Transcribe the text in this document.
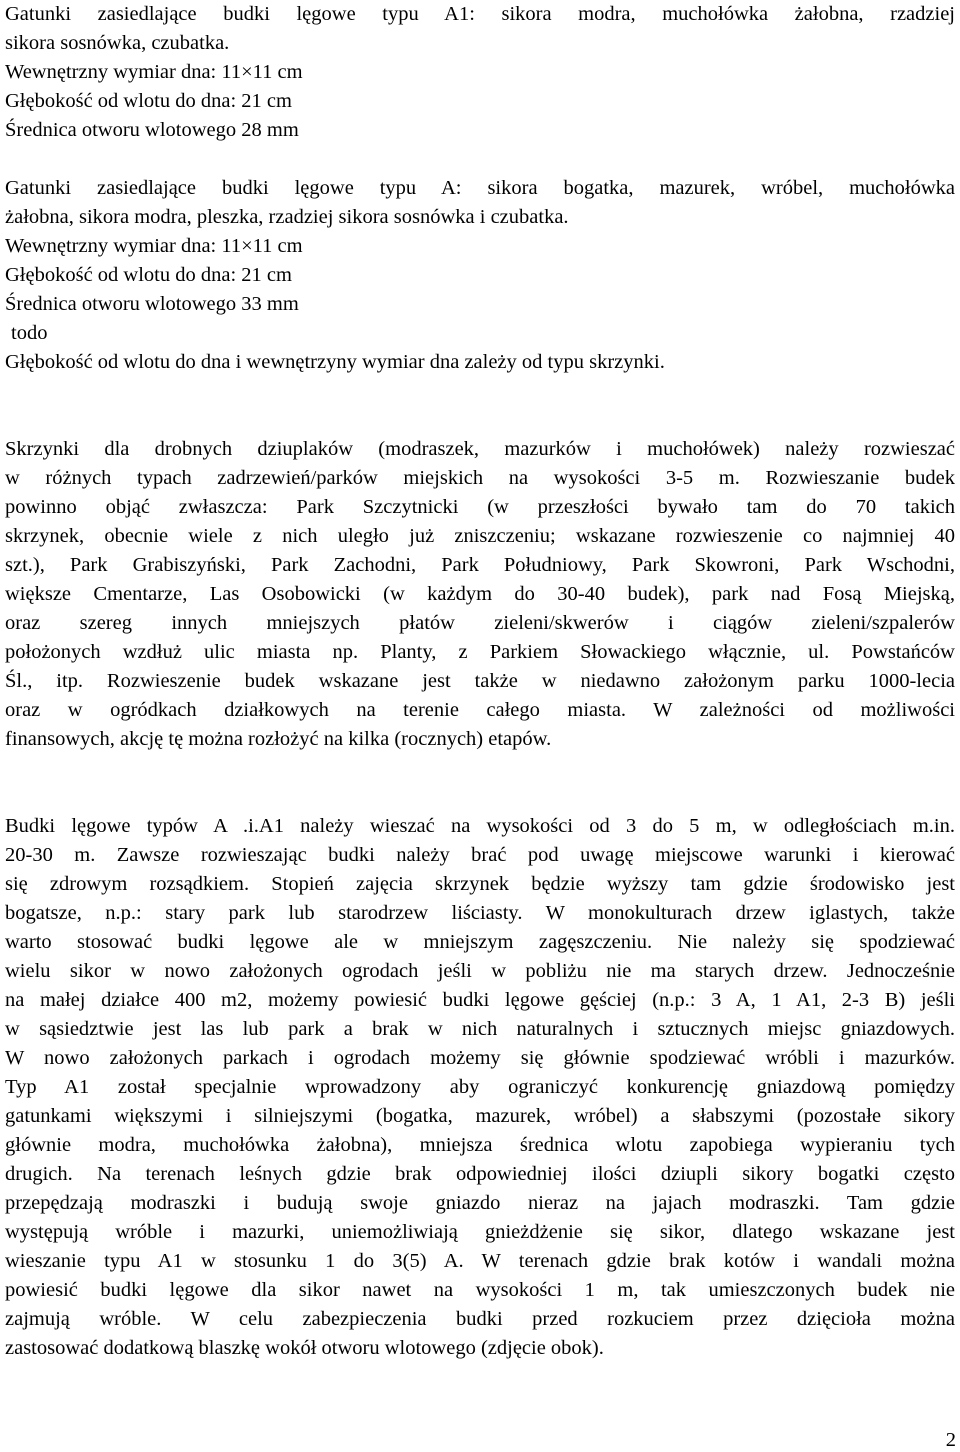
Gatunki zasiedlające budki lęgowe typu A1: sikora modra, muchołówka żałobna, rzadziej
sikora sosnówka, czubatka.
Wewnętrzny wymiar dna: 11×11 cm
Głębokość od wlotu do dna: 21 cm
Średnica otworu wlotowego 28 mm
Gatunki zasiedlające budki lęgowe typu A: sikora bogatka, mazurek, wróbel, muchołówka
żałobna, sikora modra, pleszka, rzadziej sikora sosnówka i czubatka.
Wewnętrzny wymiar dna: 11×11 cm
Głębokość od wlotu do dna: 21 cm
Średnica otworu wlotowego 33 mm
todo
Głębokość od wlotu do dna i wewnętrzyny wymiar dna zależy od typu skrzynki.
Skrzynki dla drobnych dziuplaków (modraszek, mazurków i muchołówek) należy rozwieszać
w różnych typach zadrzewień/parków miejskich na wysokości 3-5 m. Rozwieszanie budek
powinno objąć zwłaszcza: Park Szczytnicki (w przeszłości bywało tam do 70 takich
skrzynek, obecnie wiele z nich uległo już zniszczeniu; wskazane rozwieszenie co najmniej 40
szt.), Park Grabiszyński, Park Zachodni, Park Południowy, Park Skowroni, Park Wschodni,
większe Cmentarze, Las Osobowicki (w każdym do 30-40 budek), park nad Fosą Miejską,
oraz szereg innych mniejszych płatów zieleni/skwerów i ciągów zieleni/szpalerów
położonych wzdłuż ulic miasta np. Planty, z Parkiem Słowackiego włącznie, ul. Powstańców
Śl., itp. Rozwieszenie budek wskazane jest także w niedawno założonym parku 1000-lecia
oraz w ogródkach działkowych na terenie całego miasta. W zależności od możliwości
finansowych, akcję tę można rozłożyć na kilka (rocznych) etapów.
Budki lęgowe typów A .i.A1 należy wieszać na wysokości od 3 do 5 m, w odległościach m.in.
20-30 m. Zawsze rozwieszając budki należy brać pod uwagę miejscowe warunki i kierować
się zdrowym rozsądkiem. Stopień zajęcia skrzynek będzie wyższy tam gdzie środowisko jest
bogatsze, n.p.: stary park lub starodrzew liściasty. W monokulturach drzew iglastych, także
warto stosować budki lęgowe ale w mniejszym zagęszczeniu. Nie należy się spodziewać
wielu sikor w nowo założonych ogrodach jeśli w pobliżu nie ma starych drzew. Jednocześnie
na małej działce 400 m2, możemy powiesić budki lęgowe gęściej (n.p.: 3 A, 1 A1, 2-3 B) jeśli
w sąsiedztwie jest las lub park a brak w nich naturalnych i sztucznych miejsc gniazdowych.
W nowo założonych parkach i ogrodach możemy się głównie spodziewać wróbli i mazurków.
Typ A1 został specjalnie wprowadzony aby ograniczyć konkurencję gniazdową pomiędzy
gatunkami większymi i silniejszymi (bogatka, mazurek, wróbel) a słabszymi (pozostałe sikory
głównie modra, muchołówka żałobna), mniejsza średnica wlotu zapobiega wypieraniu tych
drugich. Na terenach leśnych gdzie brak odpowiedniej ilości dziupli sikory bogatki często
przepędzają modraszki i budują swoje gniazdo nieraz na jajach modraszki. Tam gdzie
występują wróble i mazurki, uniemożliwiają gnieżdżenie się sikor, dlatego wskazane jest
wieszanie typu A1 w stosunku 1 do 3(5) A. W terenach gdzie brak kotów i wandali można
powiesić budki lęgowe dla sikor nawet na wysokości 1 m, tak umieszczonych budek nie
zajmują wróble. W celu zabezpieczenia budki przed rozkuciem przez dzięcioła można
zastosować dodatkową blaszkę wokół otworu wlotowego (zdjęcie obok).
2
